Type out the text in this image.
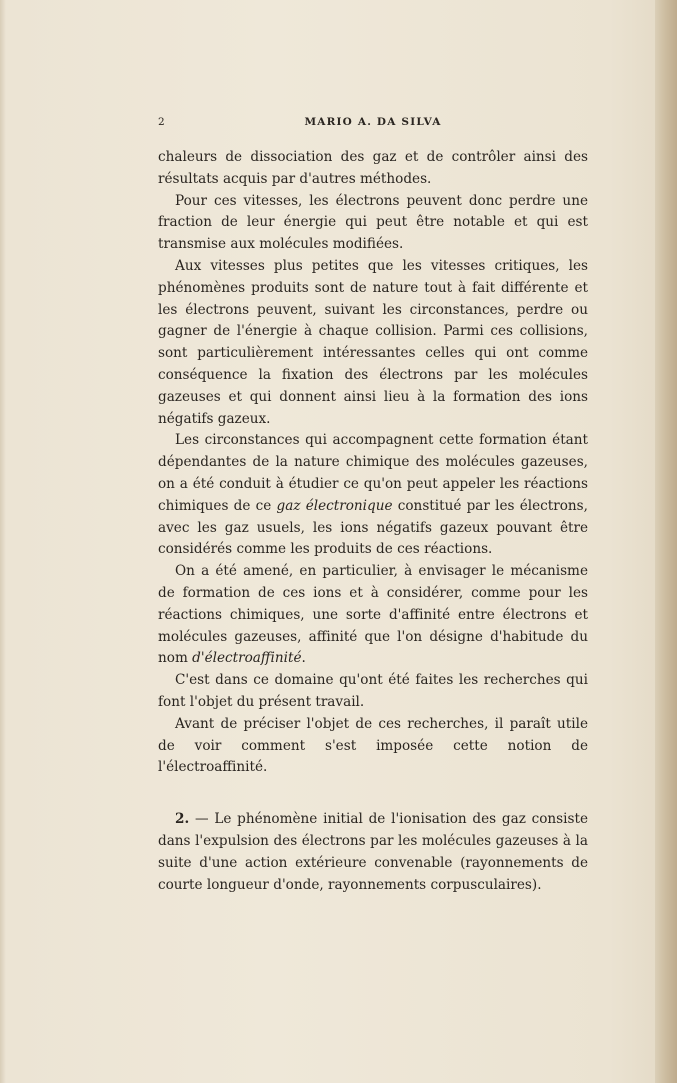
2	MARIO A. DA SILVA

chaleurs de dissociation des gaz et de contrôler ainsi des résultats acquis par d'autres méthodes.

Pour ces vitesses, les électrons peuvent donc perdre une fraction de leur énergie qui peut être notable et qui est transmise aux molécules modifiées.

Aux vitesses plus petites que les vitesses critiques, les phénomènes produits sont de nature tout à fait différente et les électrons peuvent, suivant les circonstances, perdre ou gagner de l'énergie à chaque collision. Parmi ces collisions, sont particulièrement intéressantes celles qui ont comme conséquence la fixation des électrons par les molécules gazeuses et qui donnent ainsi lieu à la formation des ions négatifs gazeux.

Les circonstances qui accompagnent cette formation étant dépendantes de la nature chimique des molécules gazeuses, on a été conduit à étudier ce qu'on peut appeler les réactions chimiques de ce gaz électronique constitué par les électrons, avec les gaz usuels, les ions négatifs gazeux pouvant être considérés comme les produits de ces réactions.

On a été amené, en particulier, à envisager le mécanisme de formation de ces ions et à considérer, comme pour les réactions chimiques, une sorte d'affinité entre électrons et molécules gazeuses, affinité que l'on désigne d'habitude du nom d'électroaffinité.

C'est dans ce domaine qu'ont été faites les recherches qui font l'objet du présent travail.

Avant de préciser l'objet de ces recherches, il paraît utile de voir comment s'est imposée cette notion de l'électroaffinité.

2. — Le phénomène initial de l'ionisation des gaz consiste dans l'expulsion des électrons par les molécules gazeuses à la suite d'une action extérieure convenable (rayonnements de courte longueur d'onde, rayonnements corpusculaires).
